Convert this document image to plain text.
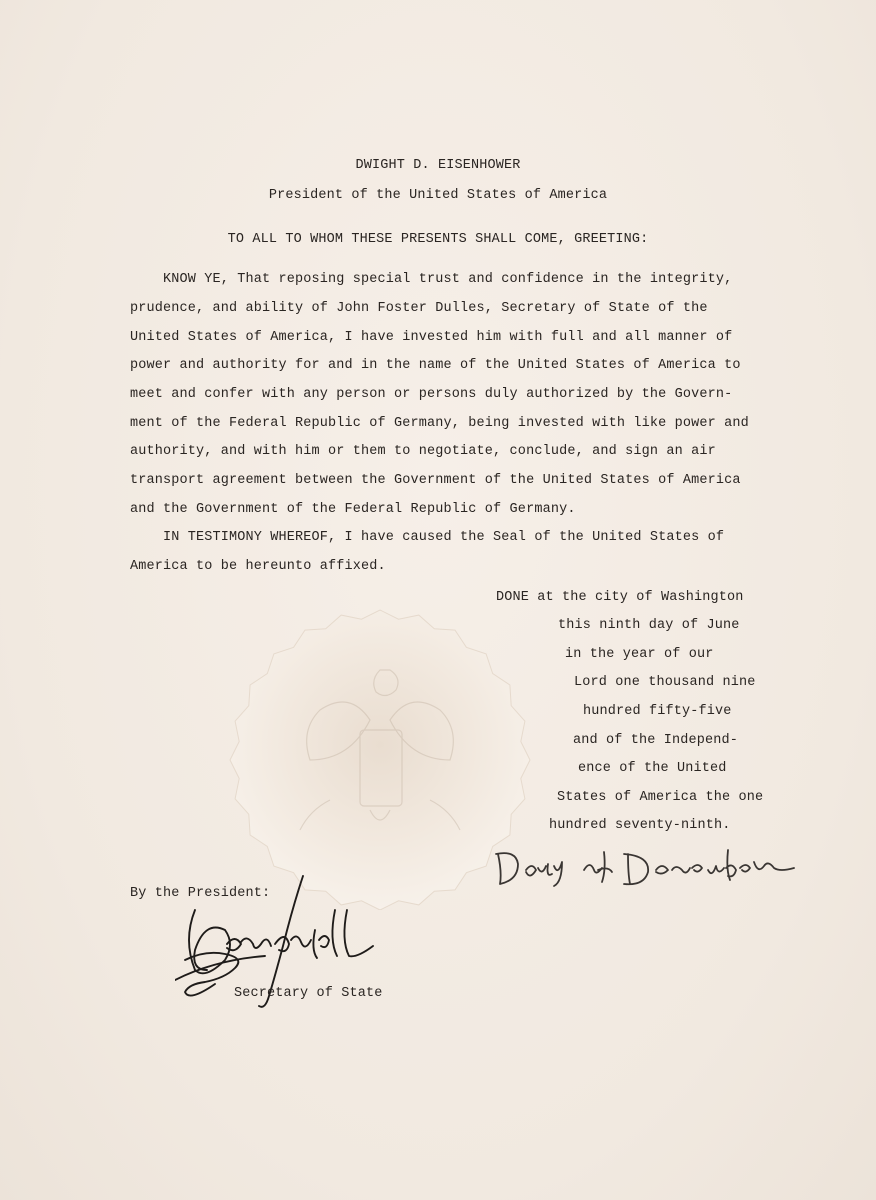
DWIGHT D. EISENHOWER
President of the United States of America
TO ALL TO WHOM THESE PRESENTS SHALL COME, GREETING:
KNOW YE, That reposing special trust and confidence in the integrity,
prudence, and ability of John Foster Dulles, Secretary of State of the
United States of America, I have invested him with full and all manner of
power and authority for and in the name of the United States of America to
meet and confer with any person or persons duly authorized by the Govern-
ment of the Federal Republic of Germany, being invested with like power and
authority, and with him or them to negotiate, conclude, and sign an air
transport agreement between the Government of the United States of America
and the Government of the Federal Republic of Germany.
IN TESTIMONY WHEREOF, I have caused the Seal of the United States of
America to be hereunto affixed.
DONE at the city of Washington
this ninth day of June
in the year of our
Lord one thousand nine
hundred fifty-five
and of the Independ-
ence of the United
States of America the one
hundred seventy-ninth.
By the President:
Secretary of State
